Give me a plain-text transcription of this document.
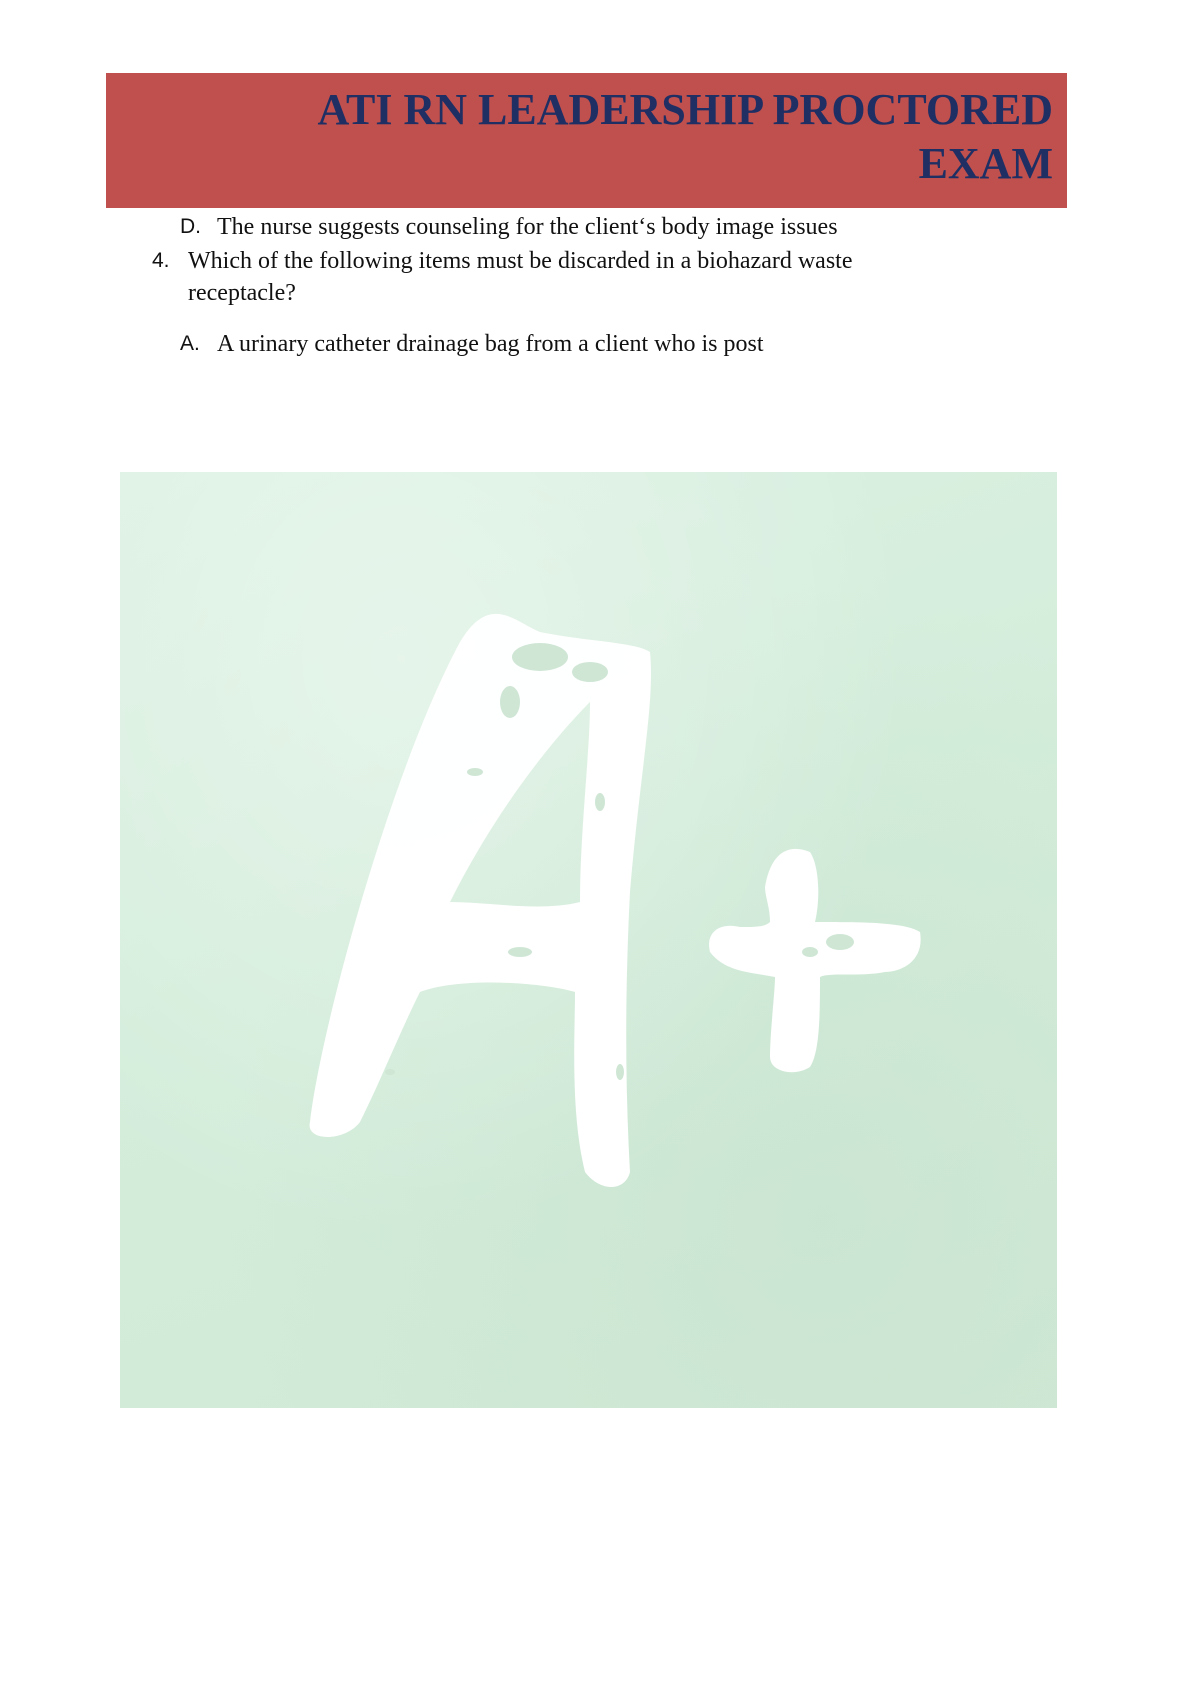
ATI RN LEADERSHIP PROCTORED EXAM
D. The nurse suggests counseling for the client‘s body image issues
4. Which of the following items must be discarded in a biohazard waste
receptacle?
A. A urinary catheter drainage bag from a client who is post
